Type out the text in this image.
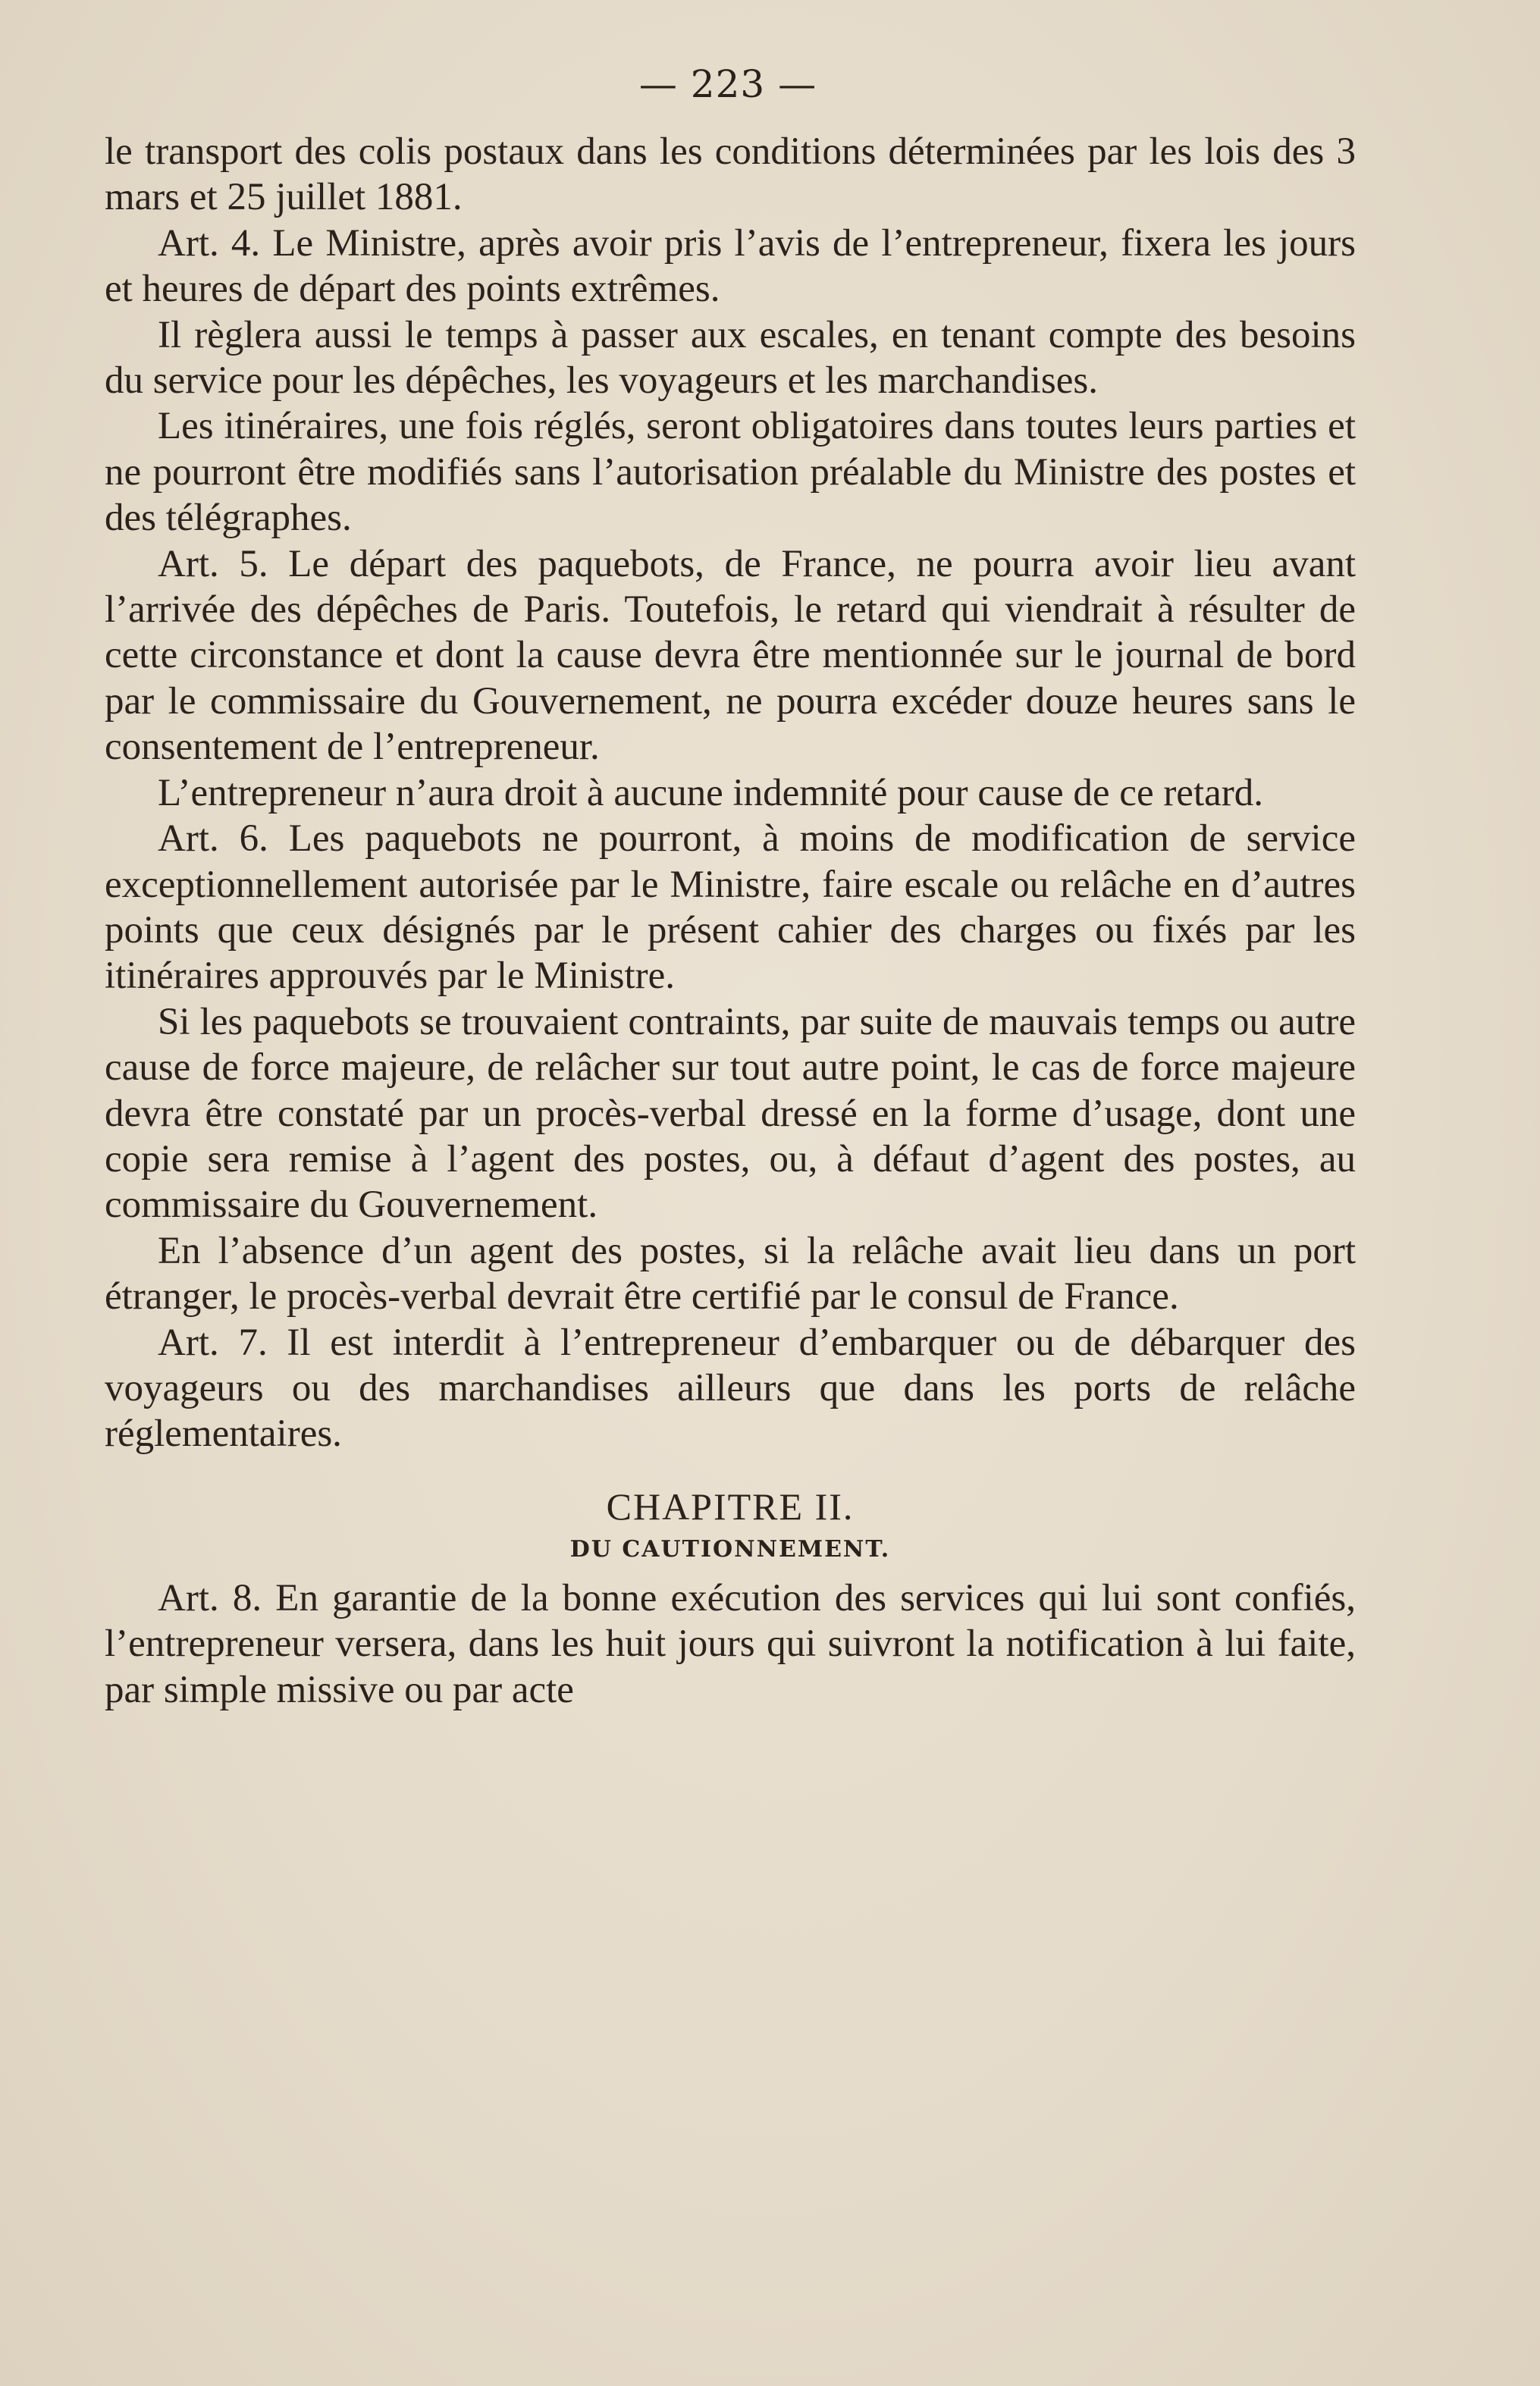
— 223 —

le transport des colis postaux dans les conditions déterminées par les lois des 3 mars et 25 juillet 1881.

Art. 4. Le Ministre, après avoir pris l’avis de l’entrepreneur, fixera les jours et heures de départ des points extrêmes.

Il règlera aussi le temps à passer aux escales, en tenant compte des besoins du service pour les dépêches, les voyageurs et les marchandises.

Les itinéraires, une fois réglés, seront obligatoires dans toutes leurs parties et ne pourront être modifiés sans l’autorisation préalable du Ministre des postes et des télégraphes.

Art. 5. Le départ des paquebots, de France, ne pourra avoir lieu avant l’arrivée des dépêches de Paris. Toutefois, le retard qui viendrait à résulter de cette circonstance et dont la cause devra être mentionnée sur le journal de bord par le commissaire du Gouvernement, ne pourra excéder douze heures sans le consentement de l’entrepreneur.

L’entrepreneur n’aura droit à aucune indemnité pour cause de ce retard.

Art. 6. Les paquebots ne pourront, à moins de modification de service exceptionnellement autorisée par le Ministre, faire escale ou relâche en d’autres points que ceux désignés par le présent cahier des charges ou fixés par les itinéraires approuvés par le Ministre.

Si les paquebots se trouvaient contraints, par suite de mauvais temps ou autre cause de force majeure, de relâcher sur tout autre point, le cas de force majeure devra être constaté par un procès-verbal dressé en la forme d’usage, dont une copie sera remise à l’agent des postes, ou, à défaut d’agent des postes, au commissaire du Gouvernement.

En l’absence d’un agent des postes, si la relâche avait lieu dans un port étranger, le procès-verbal devrait être certifié par le consul de France.

Art. 7. Il est interdit à l’entrepreneur d’embarquer ou de débarquer des voyageurs ou des marchandises ailleurs que dans les ports de relâche réglementaires.

CHAPITRE II.
DU CAUTIONNEMENT.

Art. 8. En garantie de la bonne exécution des services qui lui sont confiés, l’entrepreneur versera, dans les huit jours qui suivront la notification à lui faite, par simple missive ou par acte
